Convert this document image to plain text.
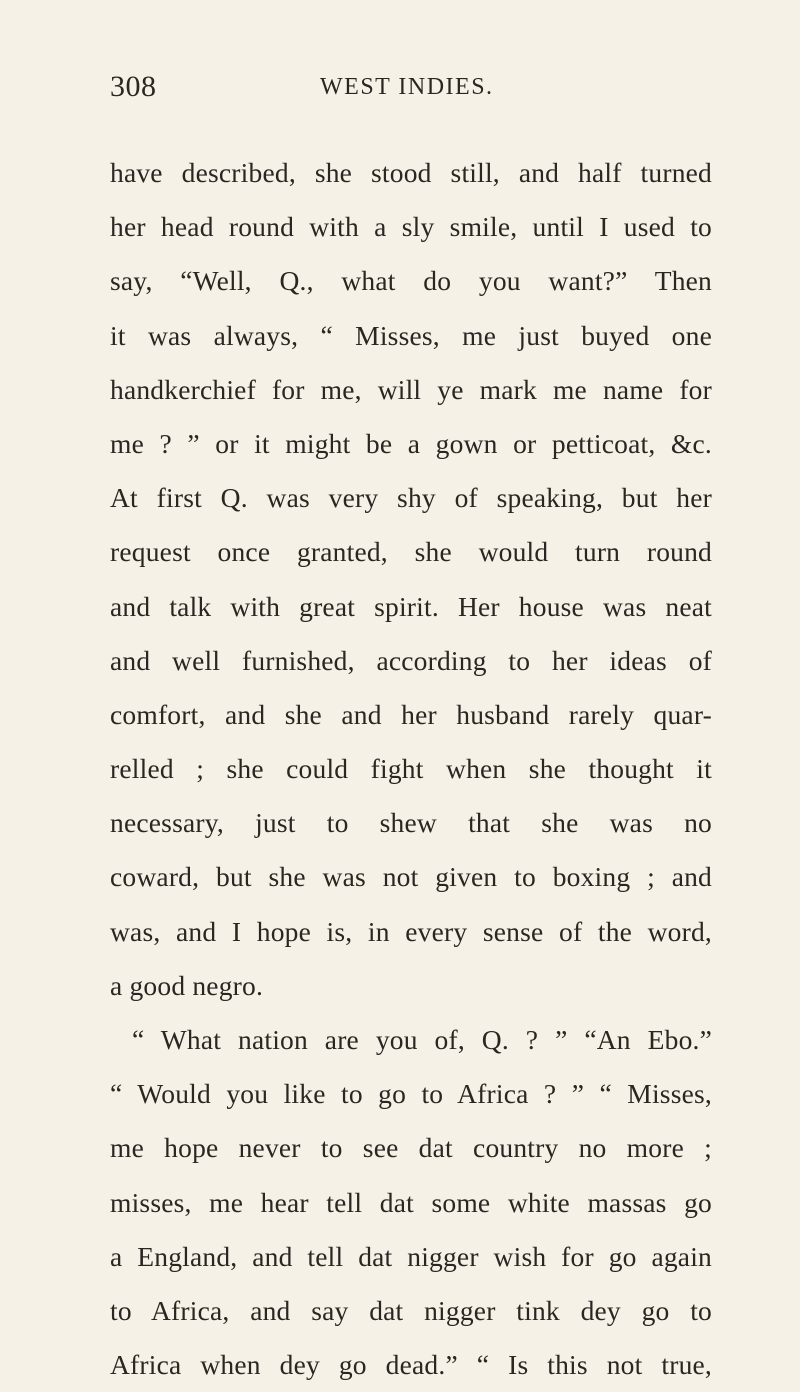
308	WEST INDIES.
have described, she stood still, and half turned
her head round with a sly smile, until I used to
say, “Well, Q., what do you want?” Then
it was always, “ Misses, me just buyed one
handkerchief for me, will ye mark me name for
me ? ” or it might be a gown or petticoat, &c.
At first Q. was very shy of speaking, but her
request once granted, she would turn round
and talk with great spirit. Her house was neat
and well furnished, according to her ideas of
comfort, and she and her husband rarely quar-
relled ; she could fight when she thought it
necessary, just to shew that she was no
coward, but she was not given to boxing ; and
was, and I hope is, in every sense of the word,
a good negro.
“ What nation are you of, Q. ? ” “An Ebo.”
“ Would you like to go to Africa ? ” “ Misses,
me hope never to see dat country no more ;
misses, me hear tell dat some white massas go
a England, and tell dat nigger wish for go again
to Africa, and say dat nigger tink dey go to
Africa when dey go dead.” “ Is this not true,
